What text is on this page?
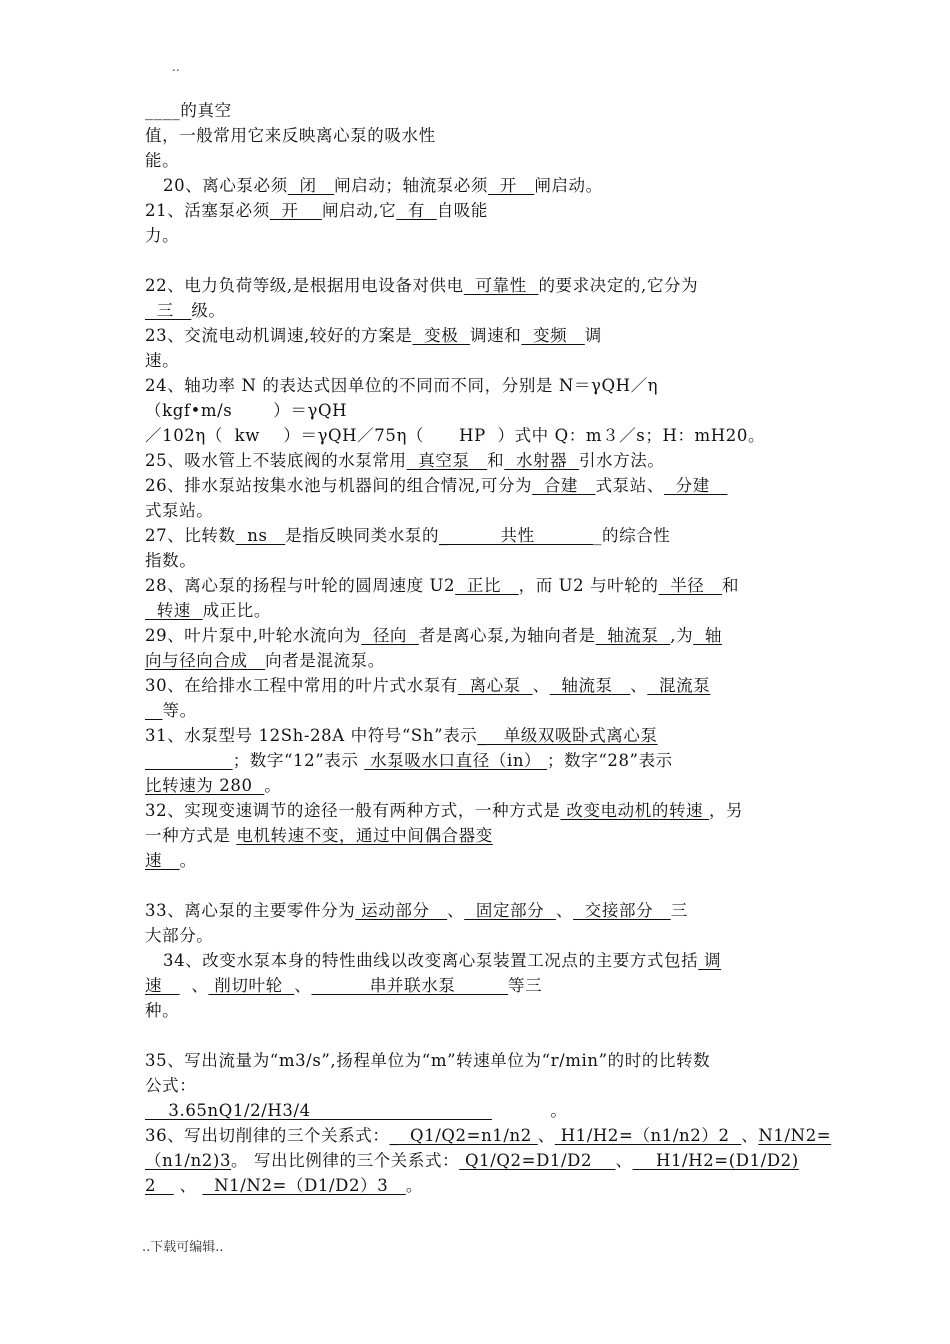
..
____的真空
值，一般常用它来反映离心泵的吸水性
能。
20、离心泵必须  闭   闸启动；轴流泵必须  开   闸启动。
21、活塞泵必须  开    闸启动,它  有  自吸能
力。
22、电力负荷等级,是根据用电设备对供电  可靠性  的要求决定的,它分为
三   级。
23、交流电动机调速,较好的方案是  变极  调速和  变频   调
速。
24、轴功率 N 的表达式因单位的不同而不同，分别是 N＝γQH／η
（kgf•m/s       ）＝γQH
／102η（  kw    ）＝γQH／75η（      HP  ）式中 Q：m３／s；H：mH20。
25、吸水管上不装底阀的水泵常用  真空泵   和  水射器  引水方法。
26、排水泵站按集水池与机器间的组合情况,可分为  合建   式泵站、  分建
式泵站。
27、比转数  ns   是指反映同类水泵的_         共性          _的综合性
指数。
28、离心泵的扬程与叶轮的圆周速度 U2  正比   ，而 U2 与叶轮的  半径   和
转速  成正比。
29、叶片泵中,叶轮水流向为  径向  者是离心泵,为轴向者是  轴流泵  ,为  轴
向与径向合成   向者是混流泵。
30、在给排水工程中常用的叶片式水泵有  离心泵  、  轴流泵   、  混流泵
等。
31、水泵型号 12Sh-28A 中符号“Sh”表示_   单级双吸卧式离心泵
；数字“12”表示  水泵吸水口直径（in） ；数字“28”表示
比转速为 280  。
32、实现变速调节的途径一般有两种方式，一种方式是 改变电动机的转速 ，另
一种方式是 电机转速不变，通过中间偶合器变
速   。
33、离心泵的主要零件分为 运动部分   、  固定部分  、  交接部分   三
大部分。
34、改变水泵本身的特性曲线以改变离心泵装置工况点的主要方式包括 调
速     、 削切叶轮  、          串并联水泵         等三
种。
35、写出流量为“m3/s”,扬程单位为“m”转速单位为“r/min”的时的比转数
公式：
3.65nQ1/2/H3/4                                         。
36、写出切削律的三个关系式：_  Q1/Q2=n1/n2 、 H1/H2=（n1/n2）2  、N1/N2=
（n1/n2)3。 写出比例律的三个关系式： Q1/Q2=D1/D2    、    H1/H2=(D1/D2)
2    、   N1/N2=（D1/D2）3   。
..下载可编辑..
